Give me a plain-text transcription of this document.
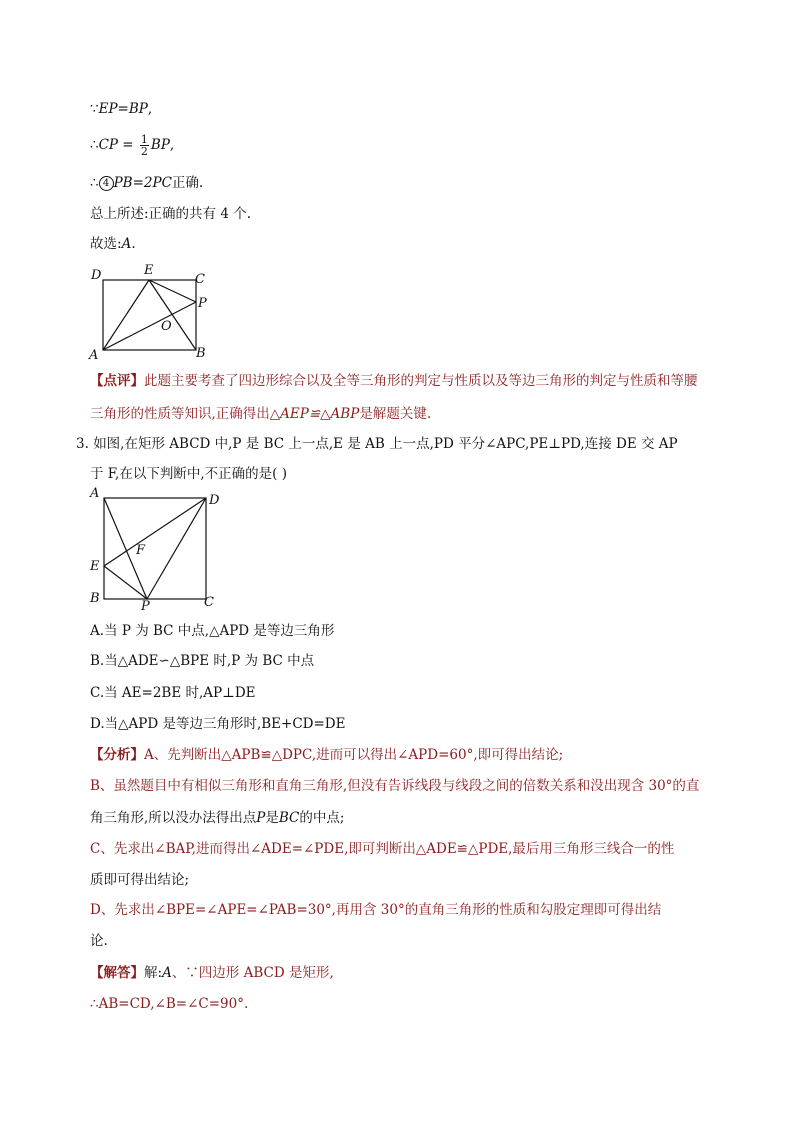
∵EP=BP,
∴CP = $\frac{1}{2}$ BP,
∴ 4 PB=2PC正确.
总上所述:正确的共有 4 个.
故选:A.
D	E
C
P
O
A	B
【点评】此题主要考查了四边形综合以及全等三角形的判定与性质以及等边三角形的判定与性质和等腰
三角形的性质等知识,正确得出△AEP≌△ABP是解题关键.
3. 如图,在矩形 ABCD 中,P 是 BC 上一点,E 是 AB 上一点,PD 平分∠APC,PE⊥PD,连接 DE 交 AP
于 F,在以下判断中,不正确的是( )
A	D
F
E
B
P	C
A.当 P 为 BC 中点,△APD 是等边三角形
B.当△ADE∽△BPE 时,P 为 BC 中点
C.当 AE=2BE 时,AP⊥DE
D.当△APD 是等边三角形时,BE+CD=DE
【分析】A、先判断出△APB≌△DPC,进而可以得出∠APD=60°,即可得出结论;
B、虽然题目中有相似三角形和直角三角形,但没有告诉线段与线段之间的倍数关系和没出现含 30°的直
角三角形,所以没办法得出点P是BC的中点;
C、先求出∠BAP,进而得出∠ADE=∠PDE,即可判断出△ADE≌△PDE,最后用三角形三线合一的性
质即可得出结论;
D、先求出∠BPE=∠APE=∠PAB=30°,再用含 30°的直角三角形的性质和勾股定理即可得出结
论.
【解答】解:A、∵四边形 ABCD 是矩形,
∴AB=CD,∠B=∠C=90°.
